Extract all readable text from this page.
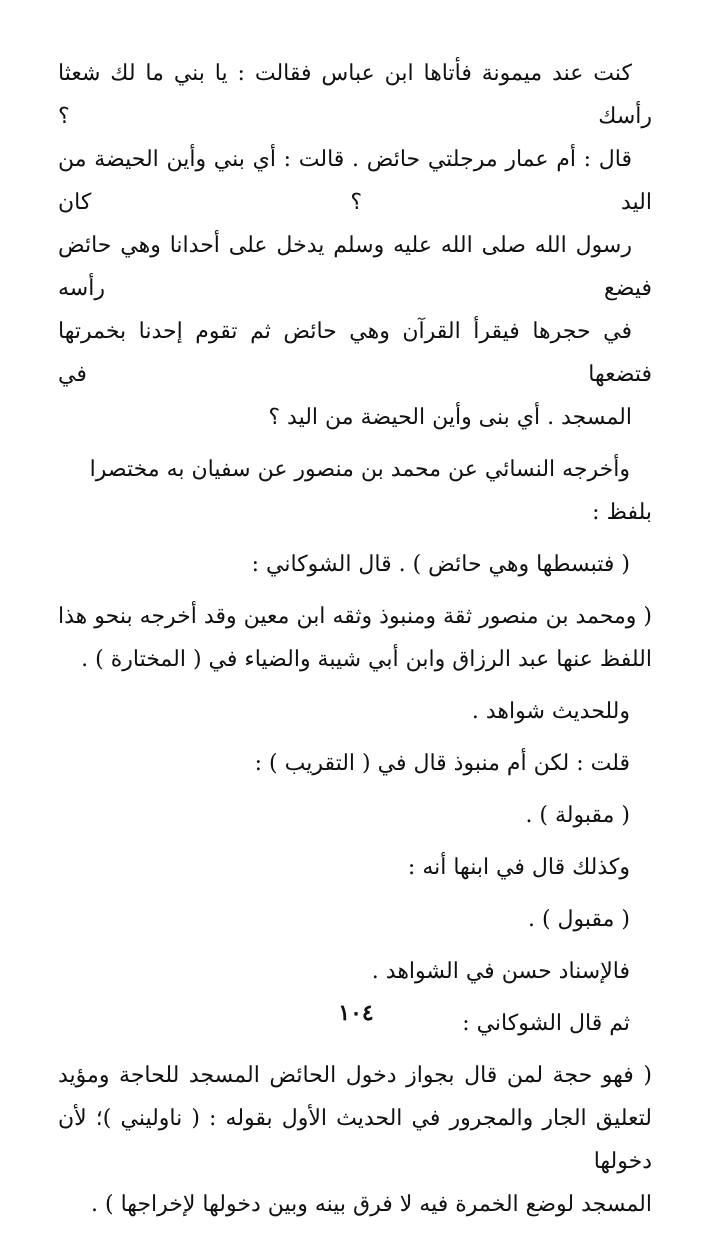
كنت عند ميمونة فأتاها ابن عباس فقالت : يا بني ما لك شعثا رأسك ؟
قال : أم عمار مرجلتي حائض . قالت : أي بني وأين الحيضة من اليد ؟ كان
رسول الله صلى الله عليه وسلم يدخل على أحدانا وهي حائض فيضع رأسه
في حجرها فيقرأ القرآن وهي حائض ثم تقوم إحدنا بخمرتها فتضعها في
المسجد . أي بنى وأين الحيضة من اليد ؟

وأخرجه النسائي عن محمد بن منصور عن سفيان به مختصرا بلفظ :

( فتبسطها وهي حائض ) . قال الشوكاني :

( ومحمد بن منصور ثقة ومنبوذ وثقه ابن معين وقد أخرجه بنحو هذا
اللفظ عنها عبد الرزاق وابن أبي شيبة والضياء في ( المختارة ) .

وللحديث شواهد .

قلت : لكن أم منبوذ قال في ( التقريب ) :

( مقبولة ) .

وكذلك قال في ابنها أنه :

( مقبول ) .

فالإسناد حسن في الشواهد .

ثم قال الشوكاني :

( فهو حجة لمن قال بجواز دخول الحائض المسجد للحاجة ومؤيد
لتعليق الجار والمجرور في الحديث الأول بقوله : ( ناوليني )؛ لأن دخولها
المسجد لوضع الخمرة فيه لا فرق بينه وبين دخولها لإخراجها ) .

١٠٤
